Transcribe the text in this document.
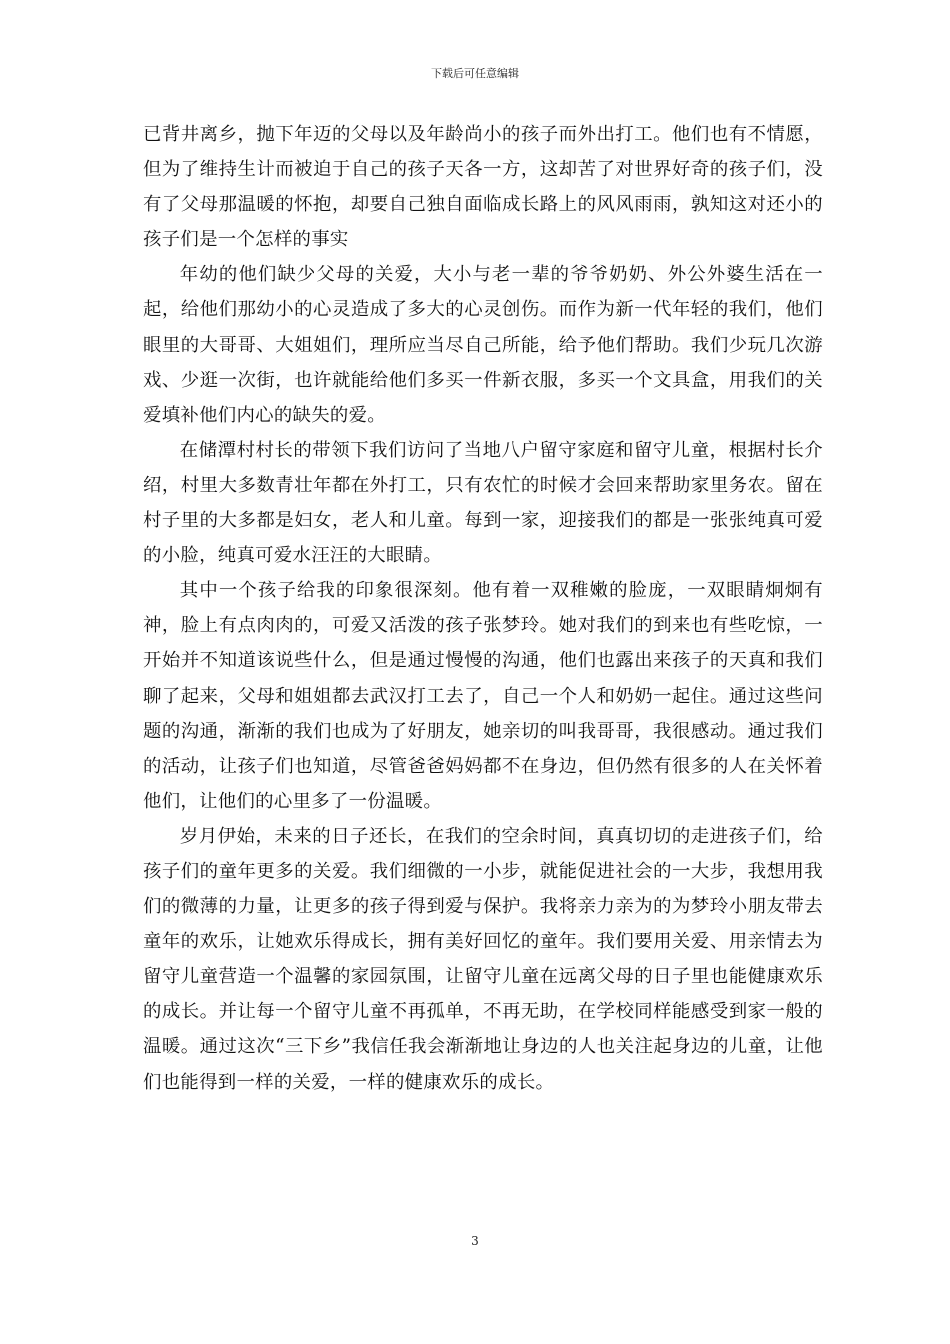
下载后可任意编辑

已背井离乡，抛下年迈的父母以及年龄尚小的孩子而外出打工。他们也有不情愿，但为了维持生计而被迫于自己的孩子天各一方，这却苦了对世界好奇的孩子们，没有了父母那温暖的怀抱，却要自己独自面临成长路上的风风雨雨，孰知这对还小的孩子们是一个怎样的事实

年幼的他们缺少父母的关爱，大小与老一辈的爷爷奶奶、外公外婆生活在一起，给他们那幼小的心灵造成了多大的心灵创伤。而作为新一代年轻的我们，他们眼里的大哥哥、大姐姐们，理所应当尽自己所能，给予他们帮助。我们少玩几次游戏、少逛一次街，也许就能给他们多买一件新衣服，多买一个文具盒，用我们的关爱填补他们内心的缺失的爱。

在储潭村村长的带领下我们访问了当地八户留守家庭和留守儿童，根据村长介绍，村里大多数青壮年都在外打工，只有农忙的时候才会回来帮助家里务农。留在村子里的大多都是妇女，老人和儿童。每到一家，迎接我们的都是一张张纯真可爱的小脸，纯真可爱水汪汪的大眼睛。

其中一个孩子给我的印象很深刻。他有着一双稚嫩的脸庞，一双眼睛炯炯有神，脸上有点肉肉的，可爱又活泼的孩子张梦玲。她对我们的到来也有些吃惊，一开始并不知道该说些什么，但是通过慢慢的沟通，他们也露出来孩子的天真和我们聊了起来，父母和姐姐都去武汉打工去了，自己一个人和奶奶一起住。通过这些问题的沟通，渐渐的我们也成为了好朋友，她亲切的叫我哥哥，我很感动。通过我们的活动，让孩子们也知道，尽管爸爸妈妈都不在身边，但仍然有很多的人在关怀着他们，让他们的心里多了一份温暖。

岁月伊始，未来的日子还长，在我们的空余时间，真真切切的走进孩子们，给孩子们的童年更多的关爱。我们细微的一小步，就能促进社会的一大步，我想用我们的微薄的力量，让更多的孩子得到爱与保护。我将亲力亲为的为梦玲小朋友带去童年的欢乐，让她欢乐得成长，拥有美好回忆的童年。我们要用关爱、用亲情去为留守儿童营造一个温馨的家园氛围，让留守儿童在远离父母的日子里也能健康欢乐的成长。并让每一个留守儿童不再孤单，不再无助，在学校同样能感受到家一般的温暖。通过这次“三下乡”我信任我会渐渐地让身边的人也关注起身边的儿童，让他们也能得到一样的关爱，一样的健康欢乐的成长。

3
